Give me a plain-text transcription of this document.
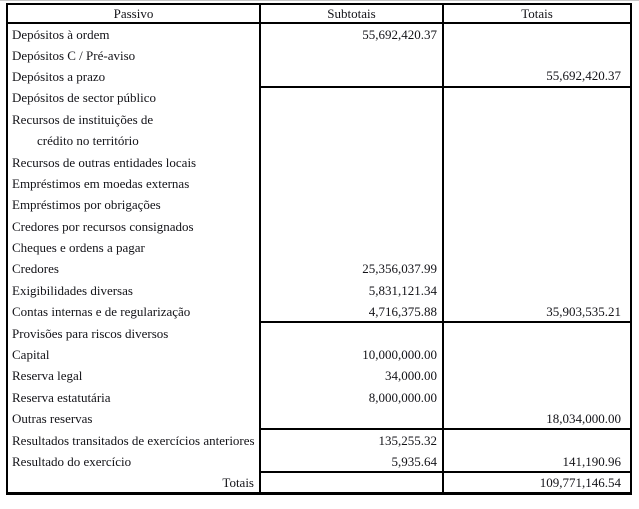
Passivo	Subtotais	Totais
Depósitos à ordem	55,692,420.37	
Depósitos C / Pré-aviso		
Depósitos a prazo		55,692,420.37
Depósitos de sector público		
Recursos de instituições de		
crédito no território		
Recursos de outras entidades locais		
Empréstimos em moedas externas		
Empréstimos por obrigações		
Credores por recursos consignados		
Cheques e ordens a pagar		
Credores	25,356,037.99	
Exigibilidades diversas	5,831,121.34	
Contas internas e de regularização	4,716,375.88	35,903,535.21
Provisões para riscos diversos		
Capital	10,000,000.00	
Reserva legal	34,000.00	
Reserva estatutária	8,000,000.00	
Outras reservas		18,034,000.00
Resultados transitados de exercícios anteriores	135,255.32	
Resultado do exercício	5,935.64	141,190.96
Totais		109,771,146.54
